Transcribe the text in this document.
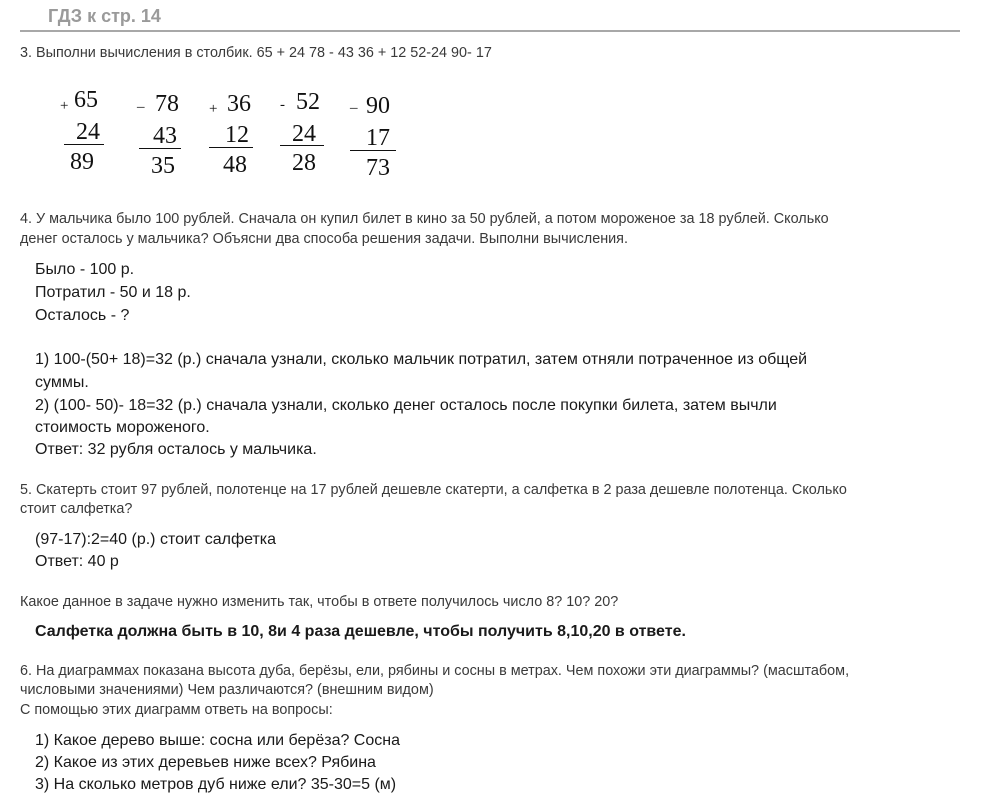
ГДЗ к стр. 14
3. Выполни вычисления в столбик. 65 + 24 78 - 43 36 + 12 52-24 90- 17
+ 65
24
89
_ 78
43
35
+ 36
12
48
- 52
24
28
_ 90
17
73
4. У мальчика было 100 рублей. Сначала он купил билет в кино за 50 рублей, а потом мороженое за 18 рублей. Сколько
денег осталось у мальчика? Объясни два способа решения задачи. Выполни вычисления.
Было - 100 р.
Потратил - 50 и 18 р.
Осталось - ?
1) 100-(50+ 18)=32 (р.) сначала узнали, сколько мальчик потратил, затем отняли потраченное из общей
суммы.
2) (100- 50)- 18=32 (р.) сначала узнали, сколько денег осталось после покупки билета, затем вычли
стоимость мороженого.
Ответ: 32 рубля осталось у мальчика.
5. Скатерть стоит 97 рублей, полотенце на 17 рублей дешевле скатерти, а салфетка в 2 раза дешевле полотенца. Сколько
стоит салфетка?
(97-17):2=40 (р.) стоит салфетка
Ответ: 40 р
Какое данное в задаче нужно изменить так, чтобы в ответе получилось число 8? 10? 20?
Салфетка должна быть в 10, 8и 4 раза дешевле, чтобы получить 8,10,20 в ответе.
6. На диаграммах показана высота дуба, берёзы, ели, рябины и сосны в метрах. Чем похожи эти диаграммы? (масштабом,
числовыми значениями) Чем различаются? (внешним видом)
С помощью этих диаграмм ответь на вопросы:
1) Какое дерево выше: сосна или берёза? Сосна
2) Какое из этих деревьев ниже всех? Рябина
3) На сколько метров дуб ниже ели? 35-30=5 (м)
